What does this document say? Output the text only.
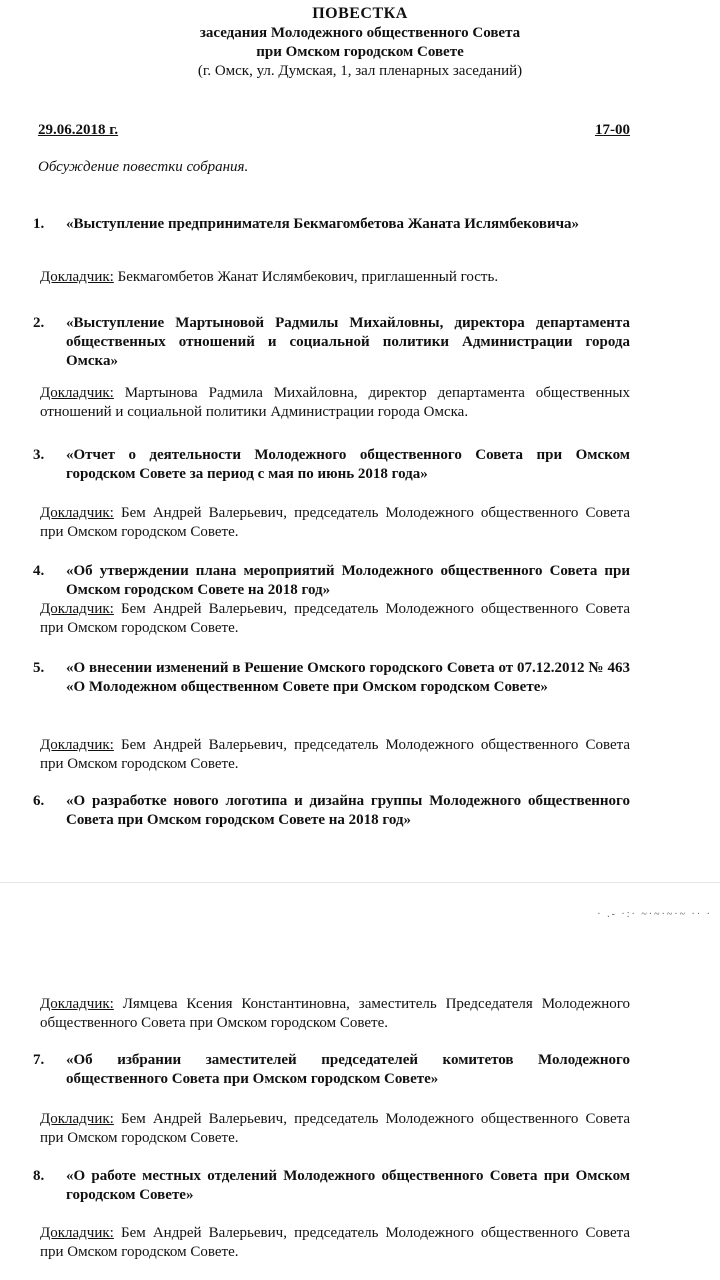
ПОВЕСТКА
заседания Молодежного общественного Совета
при Омском городском Совете
(г. Омск, ул. Думская, 1, зал пленарных заседаний)
29.06.2018 г.	17-00
Обсуждение повестки собрания.
1.	«Выступление предпринимателя Бекмагомбетова Жаната Ислямбековича»
Докладчик: Бекмагомбетов Жанат Ислямбекович, приглашенный гость.
2.	«Выступление Мартыновой Радмилы Михайловны, директора департамента общественных отношений и социальной политики Администрации города Омска»
Докладчик: Мартынова Радмила Михайловна, директор департамента общественных отношений и социальной политики Администрации города Омска.
3.	«Отчет о деятельности Молодежного общественного Совета при Омском городском Совете за период с мая по июнь 2018 года»
Докладчик: Бем Андрей Валерьевич, председатель Молодежного общественного Совета при Омском городском Совете.
4.	«Об утверждении плана мероприятий Молодежного общественного Совета при Омском городском Совете на 2018 год»
Докладчик: Бем Андрей Валерьевич, председатель Молодежного общественного Совета при Омском городском Совете.
5.	«О внесении изменений в Решение Омского городского Совета от 07.12.2012 № 463 «О Молодежном общественном Совете при Омском городском Совете»
Докладчик: Бем Андрей Валерьевич, председатель Молодежного общественного Совета при Омском городском Совете.
6.	«О разработке нового логотипа и дизайна группы Молодежного общественного Совета при Омском городском Совете на 2018 год»
· .- ·:· ~·~·~·~ ·· ·
Докладчик: Лямцева Ксения Константиновна, заместитель Председателя Молодежного общественного Совета при Омском городском Совете.
7.	«Об избрании заместителей председателей комитетов Молодежного общественного Совета при Омском городском Совете»
Докладчик: Бем Андрей Валерьевич, председатель Молодежного общественного Совета при Омском городском Совете.
8.	«О работе местных отделений Молодежного общественного Совета при Омском городском Совете»
Докладчик: Бем Андрей Валерьевич, председатель Молодежного общественного Совета при Омском городском Совете.
